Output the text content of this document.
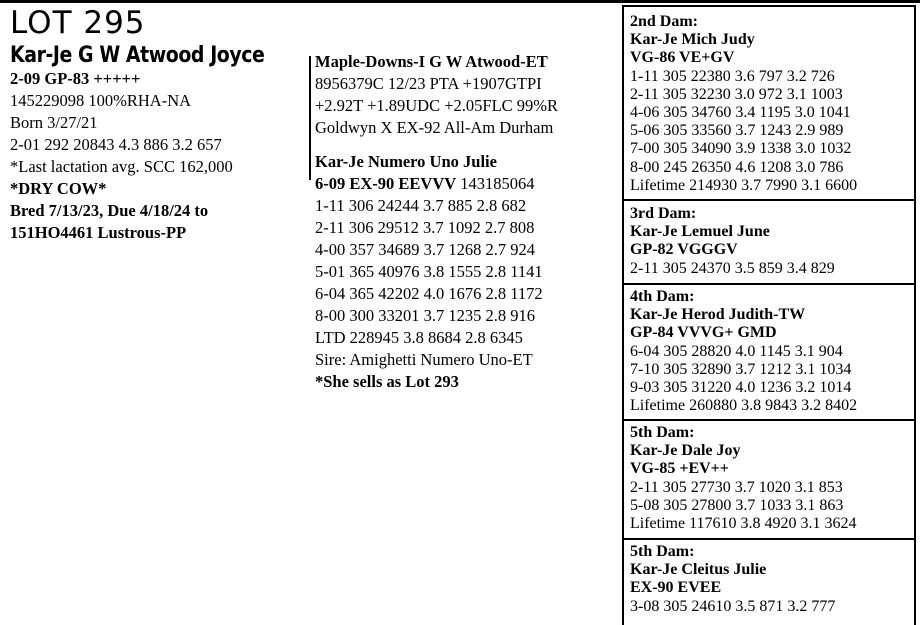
LOT 295
Kar-Je G W Atwood Joyce
2-09 GP-83 +++++
145229098 100%RHA-NA
Born 3/27/21
2-01 292 20843 4.3 886 3.2 657
*Last lactation avg. SCC 162,000
*DRY COW*
Bred 7/13/23, Due 4/18/24 to
151HO4461 Lustrous-PP
Maple-Downs-I G W Atwood-ET
8956379C 12/23 PTA +1907GTPI
+2.92T +1.89UDC +2.05FLC 99%R
Goldwyn X EX-92 All-Am Durham
Kar-Je Numero Uno Julie
6-09 EX-90 EEVVV 143185064
1-11 306 24244 3.7 885 2.8 682
2-11 306 29512 3.7 1092 2.7 808
4-00 357 34689 3.7 1268 2.7 924
5-01 365 40976 3.8 1555 2.8 1141
6-04 365 42202 4.0 1676 2.8 1172
8-00 300 33201 3.7 1235 2.8 916
LTD 228945 3.8 8684 2.8 6345
Sire: Amighetti Numero Uno-ET
*She sells as Lot 293
2nd Dam:
Kar-Je Mich Judy
VG-86 VE+GV
1-11 305 22380 3.6 797 3.2 726
2-11 305 32230 3.0 972 3.1 1003
4-06 305 34760 3.4 1195 3.0 1041
5-06 305 33560 3.7 1243 2.9 989
7-00 305 34090 3.9 1338 3.0 1032
8-00 245 26350 4.6 1208 3.0 786
Lifetime 214930 3.7 7990 3.1 6600
3rd Dam:
Kar-Je Lemuel June
GP-82 VGGGV
2-11 305 24370 3.5 859 3.4 829
4th Dam:
Kar-Je Herod Judith-TW
GP-84 VVVG+ GMD
6-04 305 28820 4.0 1145 3.1 904
7-10 305 32890 3.7 1212 3.1 1034
9-03 305 31220 4.0 1236 3.2 1014
Lifetime 260880 3.8 9843 3.2 8402
5th Dam:
Kar-Je Dale Joy
VG-85 +EV++
2-11 305 27730 3.7 1020 3.1 853
5-08 305 27800 3.7 1033 3.1 863
Lifetime 117610 3.8 4920 3.1 3624
5th Dam:
Kar-Je Cleitus Julie
EX-90 EVEE
3-08 305 24610 3.5 871 3.2 777
